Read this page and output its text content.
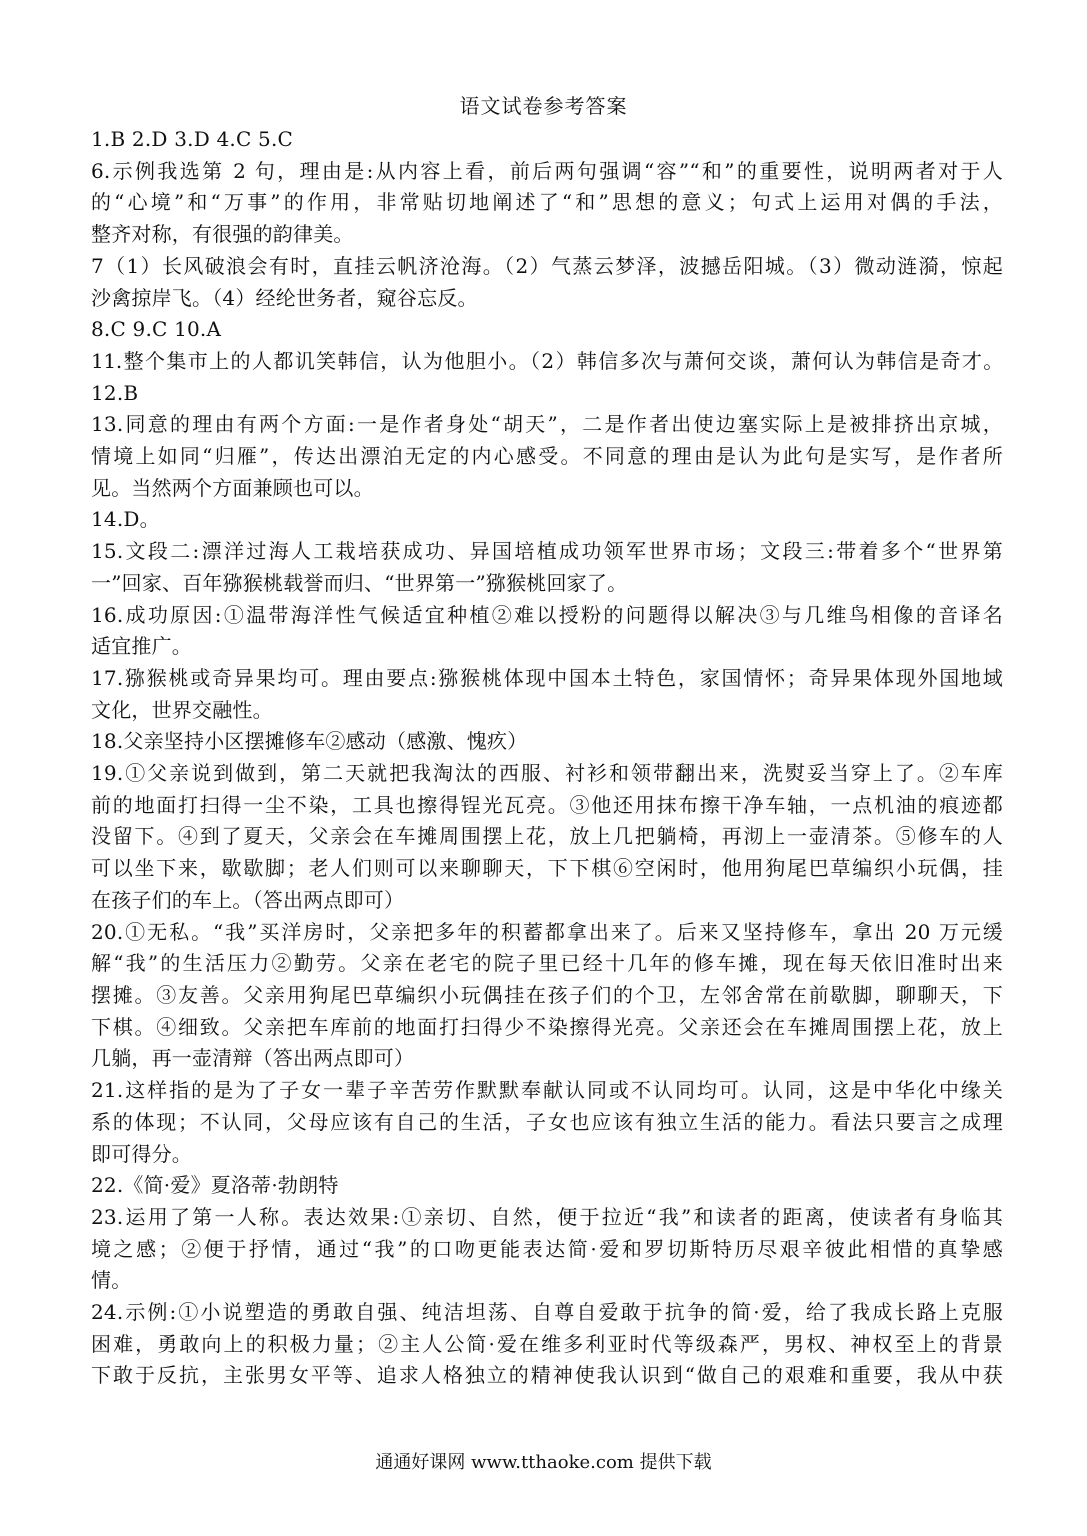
语文试卷参考答案
1.B 2.D 3.D 4.C 5.C
6.示例我选第 2 句，理由是:从内容上看，前后两句强调“容”“和”的重要性，说明两者对于人
的“心境”和“万事”的作用，非常贴切地阐述了“和”思想的意义；句式上运用对偶的手法，
整齐对称，有很强的韵律美。
7（1）长风破浪会有时，直挂云帆济沧海。（2）气蒸云梦泽，波撼岳阳城。（3）微动涟漪，惊起
沙禽掠岸飞。（4）经纶世务者，窥谷忘反。
8.C 9.C 10.A
11.整个集市上的人都讥笑韩信，认为他胆小。（2）韩信多次与萧何交谈，萧何认为韩信是奇才。
12.B
13.同意的理由有两个方面:一是作者身处“胡天”，二是作者出使边塞实际上是被排挤出京城，
情境上如同“归雁”，传达出漂泊无定的内心感受。不同意的理由是认为此句是实写，是作者所
见。当然两个方面兼顾也可以。
14.D。
15.文段二:漂洋过海人工栽培获成功、异国培植成功领军世界市场；文段三:带着多个“世界第
一”回家、百年猕猴桃载誉而归、“世界第一”猕猴桃回家了。
16.成功原因:①温带海洋性气候适宜种植②难以授粉的问题得以解决③与几维鸟相像的音译名
适宜推广。
17.猕猴桃或奇异果均可。理由要点:猕猴桃体现中国本土特色，家国情怀；奇异果体现外国地域
文化，世界交融性。
18.父亲坚持小区摆摊修车②感动（感激、愧疚）
19.①父亲说到做到，第二天就把我淘汰的西服、衬衫和领带翻出来，洗熨妥当穿上了。②车库
前的地面打扫得一尘不染，工具也擦得锃光瓦亮。③他还用抹布擦干净车轴，一点机油的痕迹都
没留下。④到了夏天，父亲会在车摊周围摆上花，放上几把躺椅，再沏上一壶清茶。⑤修车的人
可以坐下来，歇歇脚；老人们则可以来聊聊天，下下棋⑥空闲时，他用狗尾巴草编织小玩偶，挂
在孩子们的车上。（答出两点即可）
20.①无私。“我”买洋房时，父亲把多年的积蓄都拿出来了。后来又坚持修车，拿出 20 万元缓
解“我”的生活压力②勤劳。父亲在老宅的院子里已经十几年的修车摊，现在每天依旧准时出来
摆摊。③友善。父亲用狗尾巴草编织小玩偶挂在孩子们的个卫，左邻舍常在前歇脚，聊聊天，下
下棋。④细致。父亲把车库前的地面打扫得少不染擦得光亮。父亲还会在车摊周围摆上花，放上
几躺，再一壶清辩（答出两点即可）
21.这样指的是为了子女一辈子辛苦劳作默默奉献认同或不认同均可。认同，这是中华化中缘关
系的体现；不认同，父母应该有自己的生活，子女也应该有独立生活的能力。看法只要言之成理
即可得分。
22.《简·爱》夏洛蒂·勃朗特
23.运用了第一人称。表达效果:①亲切、自然，便于拉近“我”和读者的距离，使读者有身临其
境之感；②便于抒情，通过“我”的口吻更能表达简·爱和罗切斯特历尽艰辛彼此相惜的真挚感
情。
24.示例:①小说塑造的勇敢自强、纯洁坦荡、自尊自爱敢于抗争的简·爱，给了我成长路上克服
困难，勇敢向上的积极力量；②主人公简·爱在维多利亚时代等级森严，男权、神权至上的背景
下敢于反抗，主张男女平等、追求人格独立的精神使我认识到“做自己的艰难和重要，我从中获
通通好课网 www.tthaoke.com 提供下载
